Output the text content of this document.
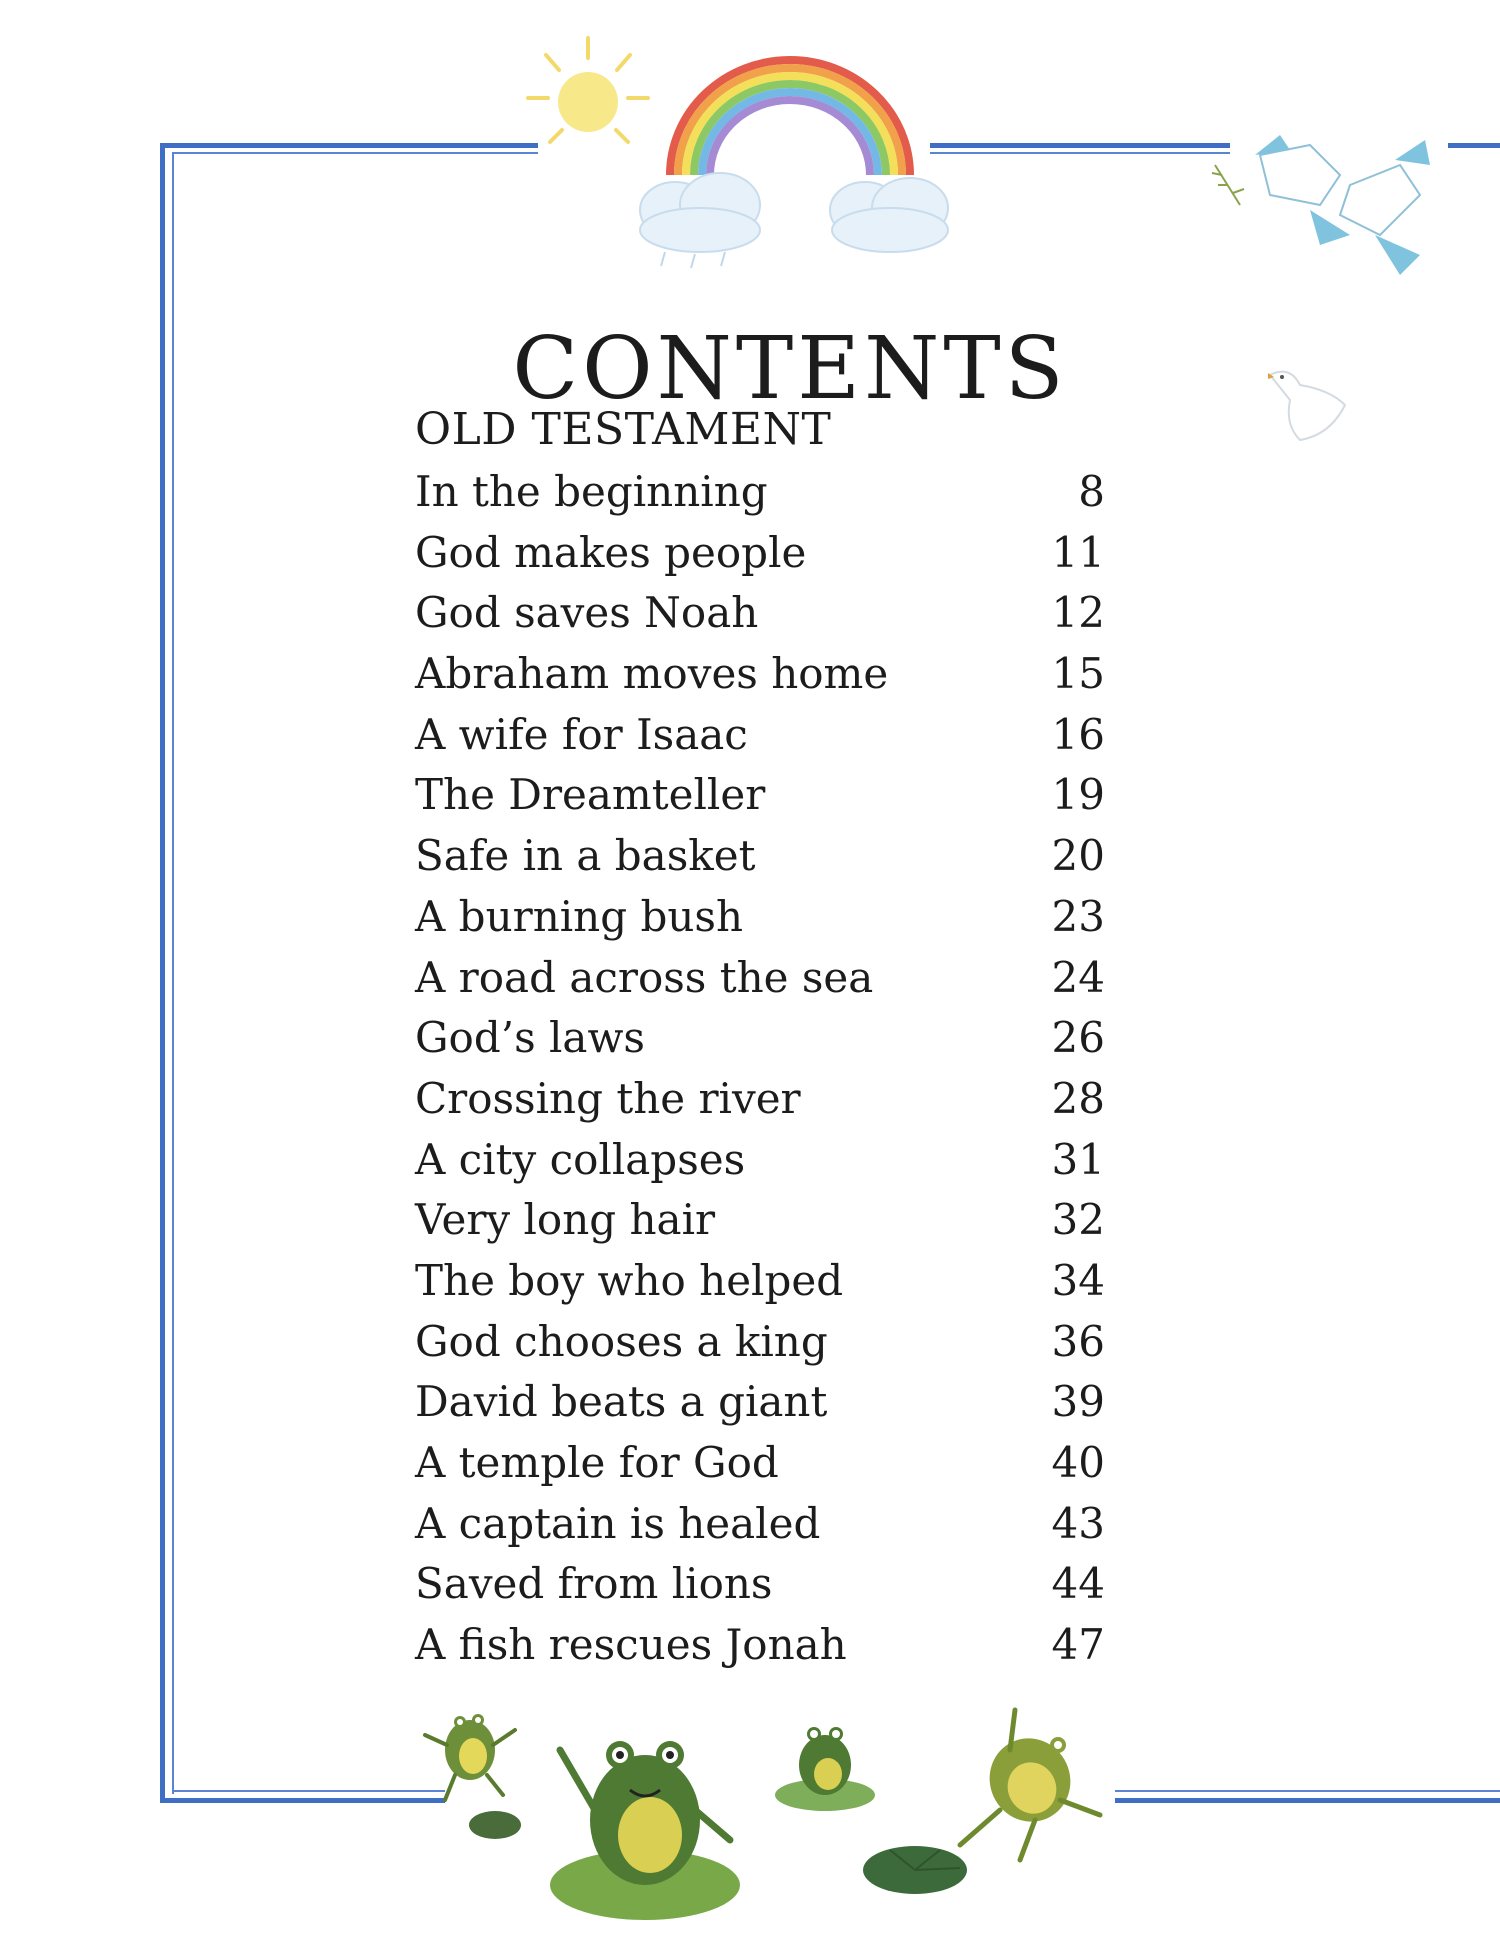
CONTENTS
OLD TESTAMENT
In the beginning	8
God makes people	11
God saves Noah	12
Abraham moves home	15
A wife for Isaac	16
The Dreamteller	19
Safe in a basket	20
A burning bush	23
A road across the sea	24
God’s laws	26
Crossing the river	28
A city collapses	31
Very long hair	32
The boy who helped	34
God chooses a king	36
David beats a giant	39
A temple for God	40
A captain is healed	43
Saved from lions	44
A fish rescues Jonah	47
